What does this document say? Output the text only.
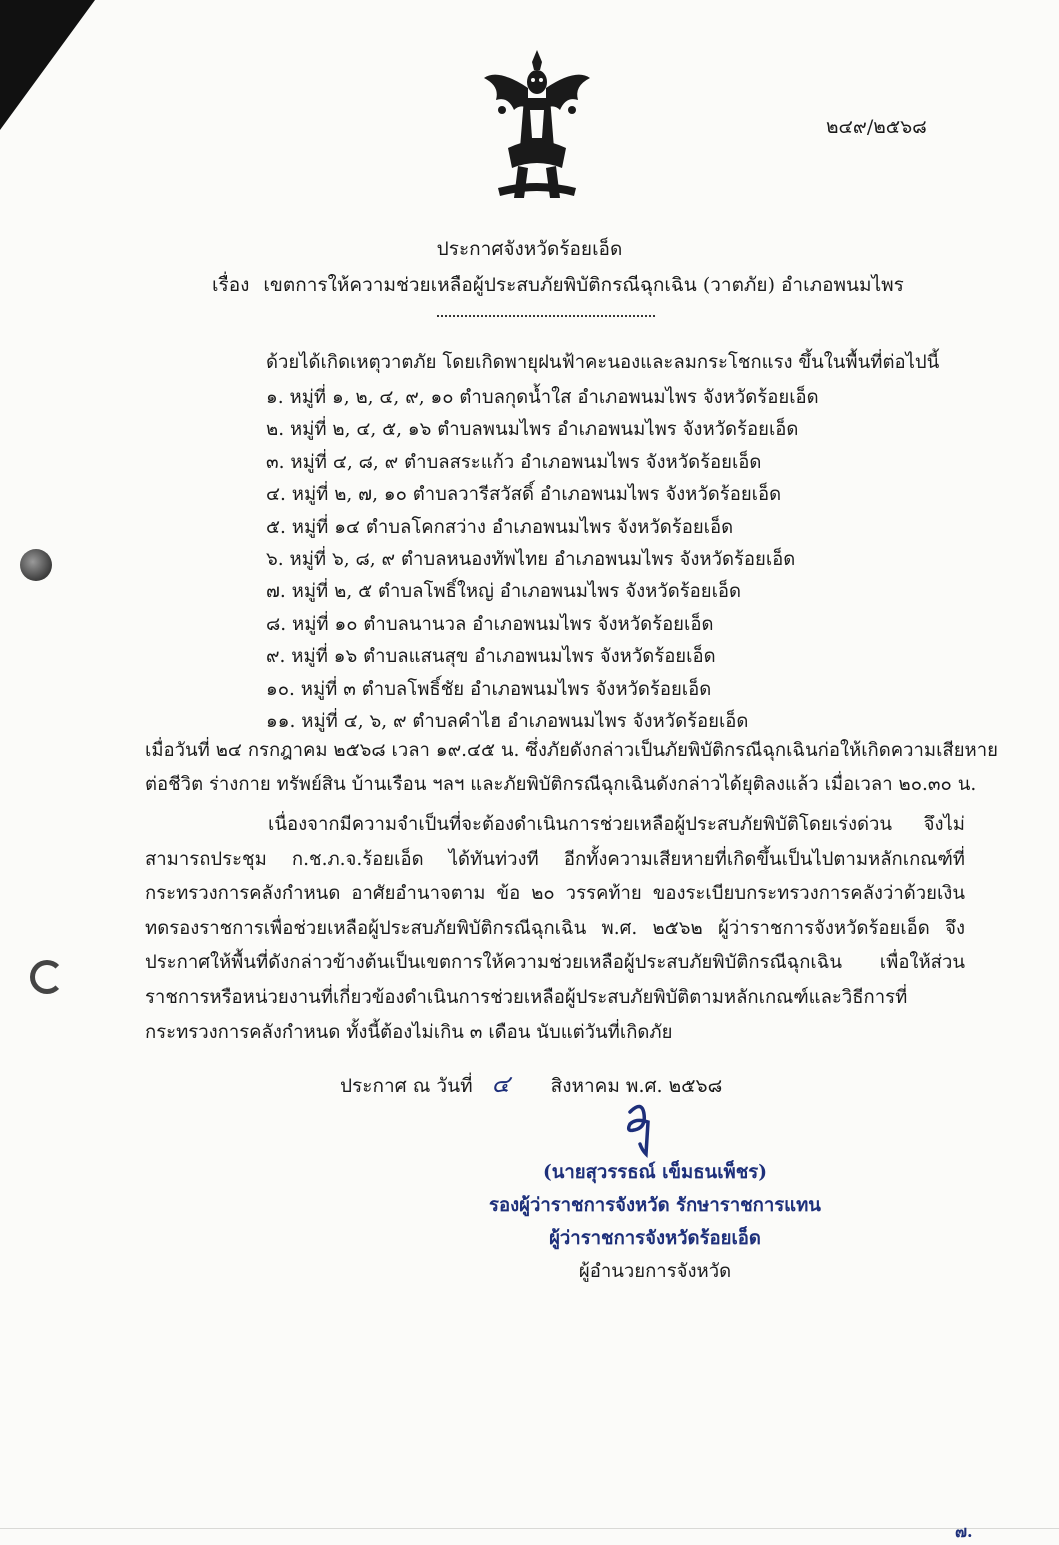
๒๔๙/๒๕๖๘
ประกาศจังหวัดร้อยเอ็ด
เรื่อง เขตการให้ความช่วยเหลือผู้ประสบภัยพิบัติกรณีฉุกเฉิน (วาตภัย) อำเภอพนมไพร
ด้วยได้เกิดเหตุวาตภัย โดยเกิดพายุฝนฟ้าคะนองและลมกระโชกแรง ขึ้นในพื้นที่ต่อไปนี้
๑. หมู่ที่ ๑, ๒, ๔, ๙, ๑๐ ตำบลกุดน้ำใส อำเภอพนมไพร จังหวัดร้อยเอ็ด
๒. หมู่ที่ ๒, ๔, ๕, ๑๖ ตำบลพนมไพร อำเภอพนมไพร จังหวัดร้อยเอ็ด
๓. หมู่ที่ ๔, ๘, ๙ ตำบลสระแก้ว อำเภอพนมไพร จังหวัดร้อยเอ็ด
๔. หมู่ที่ ๒, ๗, ๑๐ ตำบลวารีสวัสดิ์ อำเภอพนมไพร จังหวัดร้อยเอ็ด
๕. หมู่ที่ ๑๔ ตำบลโคกสว่าง อำเภอพนมไพร จังหวัดร้อยเอ็ด
๖. หมู่ที่ ๖, ๘, ๙ ตำบลหนองทัพไทย อำเภอพนมไพร จังหวัดร้อยเอ็ด
๗. หมู่ที่ ๒, ๕ ตำบลโพธิ์ใหญ่ อำเภอพนมไพร จังหวัดร้อยเอ็ด
๘. หมู่ที่ ๑๐ ตำบลนานวล อำเภอพนมไพร จังหวัดร้อยเอ็ด
๙. หมู่ที่ ๑๖ ตำบลแสนสุข อำเภอพนมไพร จังหวัดร้อยเอ็ด
๑๐. หมู่ที่ ๓ ตำบลโพธิ์ชัย อำเภอพนมไพร จังหวัดร้อยเอ็ด
๑๑. หมู่ที่ ๔, ๖, ๙ ตำบลคำไฮ อำเภอพนมไพร จังหวัดร้อยเอ็ด
เมื่อวันที่ ๒๔ กรกฎาคม ๒๕๖๘ เวลา ๑๙.๔๕ น. ซึ่งภัยดังกล่าวเป็นภัยพิบัติกรณีฉุกเฉินก่อให้เกิดความเสียหาย
ต่อชีวิต ร่างกาย ทรัพย์สิน บ้านเรือน ฯลฯ และภัยพิบัติกรณีฉุกเฉินดังกล่าวได้ยุติลงแล้ว เมื่อเวลา ๒๐.๓๐ น.
เนื่องจากมีความจำเป็นที่จะต้องดำเนินการช่วยเหลือผู้ประสบภัยพิบัติโดยเร่งด่วน จึงไม่สามารถประชุม ก.ช.ภ.จ.ร้อยเอ็ด ได้ทันท่วงที อีกทั้งความเสียหายที่เกิดขึ้นเป็นไปตามหลักเกณฑ์ที่กระทรวงการคลังกำหนด อาศัยอำนาจตาม ข้อ ๒๐ วรรคท้าย ของระเบียบกระทรวงการคลังว่าด้วยเงินทดรองราชการเพื่อช่วยเหลือผู้ประสบภัยพิบัติกรณีฉุกเฉิน พ.ศ. ๒๕๖๒ ผู้ว่าราชการจังหวัดร้อยเอ็ด จึงประกาศให้พื้นที่ดังกล่าวข้างต้นเป็นเขตการให้ความช่วยเหลือผู้ประสบภัยพิบัติกรณีฉุกเฉิน เพื่อให้ส่วนราชการหรือหน่วยงานที่เกี่ยวข้องดำเนินการช่วยเหลือผู้ประสบภัยพิบัติตามหลักเกณฑ์และวิธีการที่กระทรวงการคลังกำหนด ทั้งนี้ต้องไม่เกิน ๓ เดือน นับแต่วันที่เกิดภัย
ประกาศ ณ วันที่ ๔ สิงหาคม พ.ศ. ๒๕๖๘
(นายสุวรรธณ์ เข็มธนเพ็ชร)
รองผู้ว่าราชการจังหวัด รักษาราชการแทน
ผู้ว่าราชการจังหวัดร้อยเอ็ด
ผู้อำนวยการจังหวัด
๗.
